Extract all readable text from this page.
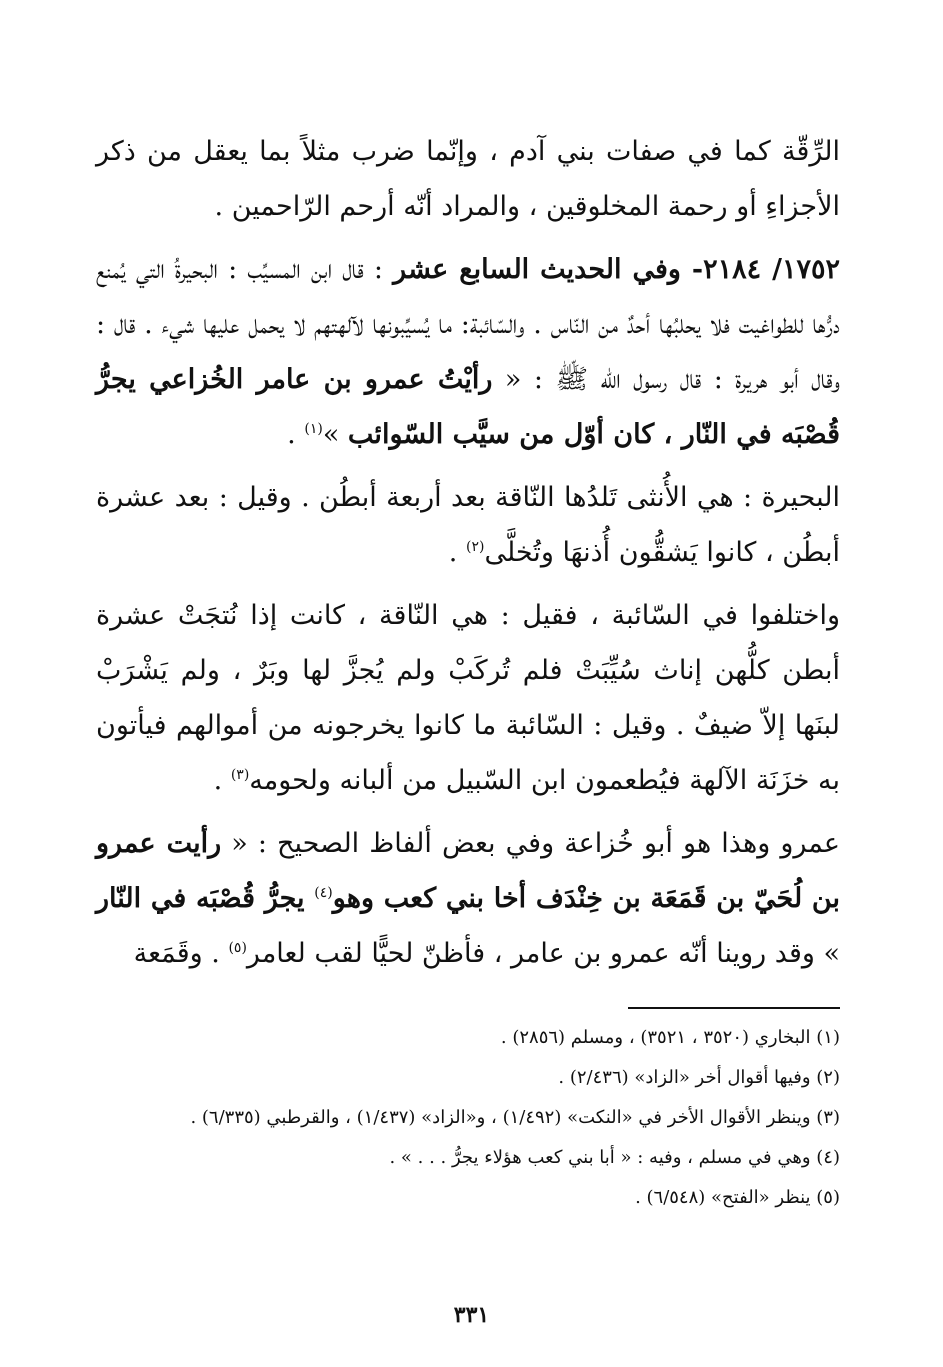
الرِّقّة كما في صفات بني آدم ، وإنّما ضرب مثلاً بما يعقل من ذكر الأجزاءِ أو رحمة المخلوقين ، والمراد أنّه أرحم الرّاحمين .

١٧٥٢/ ٢١٨٤- وفي الحديث السابع عشر : قال ابن المسيِّب : البحيرةُ التي يُمنع درُّها للطواغيت فلا يحلبُها أحدٌ من النّاس . والسّائبة: ما يُسيِّبونها لآلهتهم لا يحمل عليها شيء . قال : وقال أبو هريرة : قال رسول الله ﷺ : « رأيْتُ عمرو بن عامر الخُزاعي يجرُّ قُصْبَه في النّار ، كان أوّل من سيَّب السّوائب »$^{(١)}$ .

البحيرة : هي الأُنثى تَلدُها النّاقة بعد أربعة أبطُن . وقيل : بعد عشرة أبطُن ، كانوا يَشقُّون أُذنهَا وتُخلَّى$^{(٢)}$ .

واختلفوا في السّائبة ، فقيل : هي النّاقة ، كانت إذا نُتجَتْ عشرة أبطن كلُّهن إناث سُيِّبَتْ فلم تُركَبْ ولم يُجزَّ لها وبَرٌ ، ولم يَشْرَبْ لبنَها إلاّ ضيفٌ . وقيل : السّائبة ما كانوا يخرجونه من أموالهم فيأتون به خزَنَة الآلهة فيُطعمون ابن السّبيل من ألبانه ولحومه$^{(٣)}$ .

عمرو وهذا هو أبو خُزاعة وفي بعض ألفاظ الصحيح : « رأيت عمرو بن لُحَيّ بن قَمَعَة بن خِنْدَف أخا بني كعب وهو$^{(٤)}$ يجرُّ قُصْبَه في النّار » وقد روينا أنّه عمرو بن عامر ، فأظنّ لحيًّا لقب لعامر$^{(٥)}$ . وقَمَعة

(١) البخاري (٣٥٢٠ ، ٣٥٢١) ، ومسلم (٢٨٥٦) .

(٢) وفيها أقوال أخر «الزاد» (٢/٤٣٦) .

(٣) وينظر الأقوال الأخر في «النكت» (١/٤٩٢) ، و«الزاد» (١/٤٣٧) ، والقرطبي (٦/٣٣٥) .

(٤) وهي في مسلم ، وفيه : « أبا بني كعب هؤلاء يجرُّ . . . » .

(٥) ينظر «الفتح» (٦/٥٤٨) .

٣٣١
